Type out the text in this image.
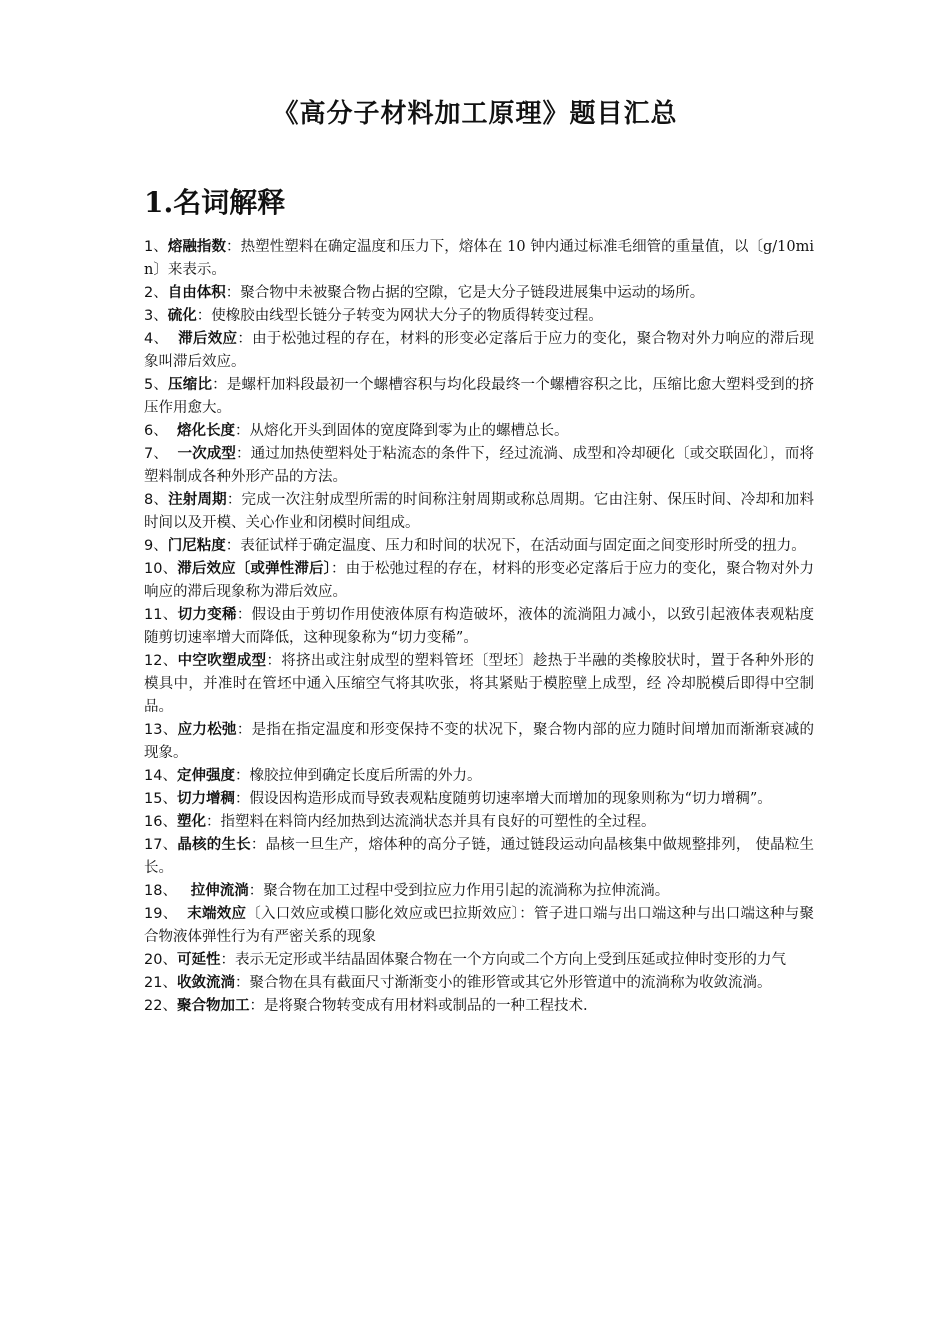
《高分子材料加工原理》题目汇总
1.名词解释
1、熔融指数：热塑性塑料在确定温度和压力下，熔体在 10 钟内通过标准毛细管的重量值，以〔g/10min〕来表示。
2、自由体积：聚合物中未被聚合物占据的空隙，它是大分子链段进展集中运动的场所。
3、硫化：使橡胶由线型长链分子转变为网状大分子的物质得转变过程。
4、  滞后效应：由于松弛过程的存在，材料的形变必定落后于应力的变化，聚合物对外力响应的滞后现象叫滞后效应。
5、压缩比：是螺杆加料段最初一个螺槽容积与均化段最终一个螺槽容积之比，压缩比愈大塑料受到的挤压作用愈大。
6、  熔化长度：从熔化开头到固体的宽度降到零为止的螺槽总长。
7、  一次成型：通过加热使塑料处于粘流态的条件下，经过流淌、成型和冷却硬化〔或交联固化〕，而将塑料制成各种外形产品的方法。
8、注射周期：完成一次注射成型所需的时间称注射周期或称总周期。它由注射、保压时间、冷却和加料时间以及开模、关心作业和闭模时间组成。
9、门尼粘度：表征试样于确定温度、压力和时间的状况下，在活动面与固定面之间变形时所受的扭力。
10、滞后效应〔或弹性滞后〕：由于松弛过程的存在，材料的形变必定落后于应力的变化，聚合物对外力响应的滞后现象称为滞后效应。
11、切力变稀：假设由于剪切作用使液体原有构造破坏，液体的流淌阻力减小，以致引起液体表观粘度随剪切速率增大而降低，这种现象称为“切力变稀”。
12、中空吹塑成型：将挤出或注射成型的塑料管坯〔型坯〕趁热于半融的类橡胶状时，置于各种外形的模具中，并准时在管坯中通入压缩空气将其吹张，将其紧贴于模腔壁上成型，经 冷却脱模后即得中空制品。
13、应力松弛：是指在指定温度和形变保持不变的状况下，聚合物内部的应力随时间增加而渐渐衰减的现象。
14、定伸强度：橡胶拉伸到确定长度后所需的外力。
15、切力增稠：假设因构造形成而导致表观粘度随剪切速率增大而增加的现象则称为“切力增稠”。
16、塑化：指塑料在料筒内经加热到达流淌状态并具有良好的可塑性的全过程。
17、晶核的生长：晶核一旦生产，熔体种的高分子链，通过链段运动向晶核集中做规整排列， 使晶粒生长。
18、   拉伸流淌：聚合物在加工过程中受到拉应力作用引起的流淌称为拉伸流淌。
19、  末端效应〔入口效应或模口膨化效应或巴拉斯效应〕：管子进口端与出口端这种与出口端这种与聚合物液体弹性行为有严密关系的现象
20、可延性：表示无定形或半结晶固体聚合物在一个方向或二个方向上受到压延或拉伸时变形的力气
21、收敛流淌：聚合物在具有截面尺寸渐渐变小的锥形管或其它外形管道中的流淌称为收敛流淌。
22、聚合物加工：是将聚合物转变成有用材料或制品的一种工程技术.
